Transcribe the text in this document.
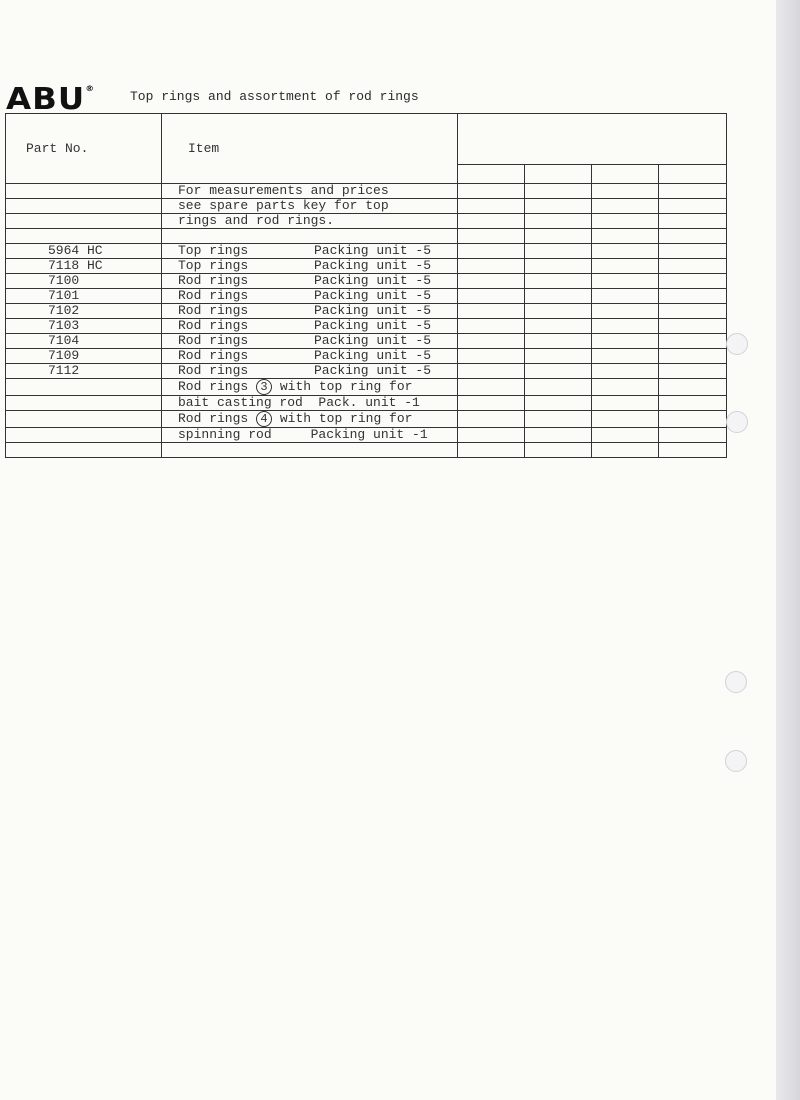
ABU®
Top rings and assortment of rod rings
Part No.	Item				

	For measurements and prices				
	see spare parts key for top				
	rings and rod rings.				

5964 HC	Top rings Packing unit -5				

7118 HC	Top rings Packing unit -5				

7100	Rod rings Packing unit -5				

7101	Rod rings Packing unit -5				

7102	Rod rings Packing unit -5				

7103	Rod rings Packing unit -5				

7104	Rod rings Packing unit -5				

7109	Rod rings Packing unit -5				

7112	Rod rings Packing unit -5				

	Rod rings 3 with top ring for				
	bait casting rod  Pack. unit -1				
	Rod rings 4 with top ring for				
	spinning rod     Packing unit -1				
